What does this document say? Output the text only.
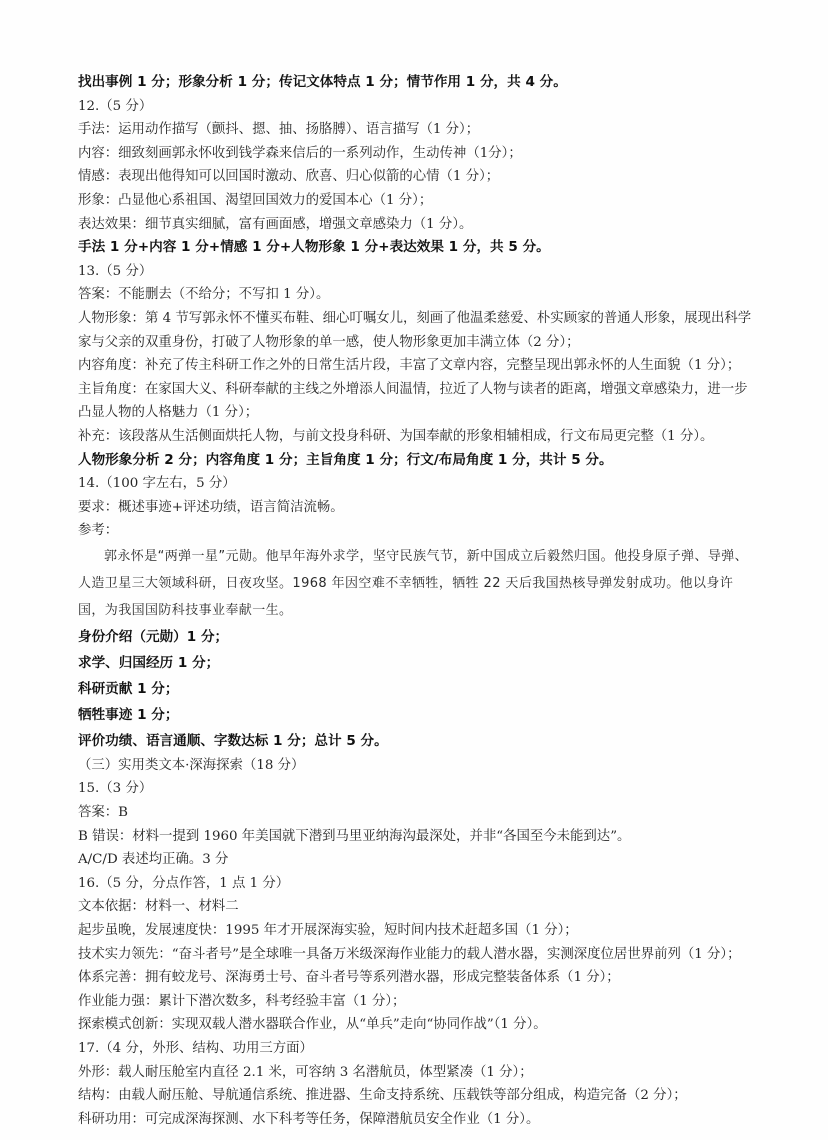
找出事例 1 分；形象分析 1 分；传记文体特点 1 分；情节作用 1 分，共 4 分。

12.（5 分）

手法：运用动作描写（颤抖、摁、抽、扬胳膊）、语言描写（1 分）；

内容：细致刻画郭永怀收到钱学森来信后的一系列动作，生动传神（1分）；

情感：表现出他得知可以回国时激动、欣喜、归心似箭的心情（1 分）；

形象：凸显他心系祖国、渴望回国效力的爱国本心（1 分）；

表达效果：细节真实细腻，富有画面感，增强文章感染力（1 分）。

手法 1 分+内容 1 分+情感 1 分+人物形象 1 分+表达效果 1 分，共 5 分。

13.（5 分）

答案：不能删去（不给分；不写扣 1 分）。

人物形象：第 4 节写郭永怀不懂买布鞋、细心叮嘱女儿，刻画了他温柔慈爱、朴实顾家的普通人形象，展现出科学家与父亲的双重身份，打破了人物形象的单一感，使人物形象更加丰满立体（2 分）；

内容角度：补充了传主科研工作之外的日常生活片段，丰富了文章内容，完整呈现出郭永怀的人生面貌（1 分）；

主旨角度：在家国大义、科研奉献的主线之外增添人间温情，拉近了人物与读者的距离，增强文章感染力，进一步凸显人物的人格魅力（1 分）；

补充：该段落从生活侧面烘托人物，与前文投身科研、为国奉献的形象相辅相成，行文布局更完整（1 分）。

人物形象分析 2 分；内容角度 1 分；主旨角度 1 分；行文/布局角度 1 分，共计 5 分。

14.（100 字左右，5 分）

要求：概述事迹+评述功绩，语言简洁流畅。

参考：

郭永怀是“两弹一星”元勋。他早年海外求学，坚守民族气节，新中国成立后毅然归国。他投身原子弹、导弹、人造卫星三大领域科研，日夜攻坚。1968 年因空难不幸牺牲，牺牲 22 天后我国热核导弹发射成功。他以身许国，为我国国防科技事业奉献一生。

身份介绍（元勋）1 分；

求学、归国经历 1 分；

科研贡献 1 分；

牺牲事迹 1 分；

评价功绩、语言通顺、字数达标 1 分；总计 5 分。

（三）实用类文本·深海探索（18 分）

15.（3 分）

答案：B

B 错误：材料一提到 1960 年美国就下潜到马里亚纳海沟最深处，并非“各国至今未能到达”。

A/C/D 表述均正确。3 分

16.（5 分，分点作答，1 点 1 分）

文本依据：材料一、材料二

起步虽晚，发展速度快：1995 年才开展深海实验，短时间内技术赶超多国（1 分）；

技术实力领先：“奋斗者号”是全球唯一具备万米级深海作业能力的载人潜水器，实测深度位居世界前列（1 分）；

体系完善：拥有蛟龙号、深海勇士号、奋斗者号等系列潜水器，形成完整装备体系（1 分）；

作业能力强：累计下潜次数多，科考经验丰富（1 分）；

探索模式创新：实现双载人潜水器联合作业，从“单兵”走向“协同作战”（1 分）。

17.（4 分，外形、结构、功用三方面）

外形：载人耐压舱室内直径 2.1 米，可容纳 3 名潜航员，体型紧凑（1 分）；

结构：由载人耐压舱、导航通信系统、推进器、生命支持系统、压载铁等部分组成，构造完备（2 分）；

科研功用：可完成深海探测、水下科考等任务，保障潜航员安全作业（1 分）。
